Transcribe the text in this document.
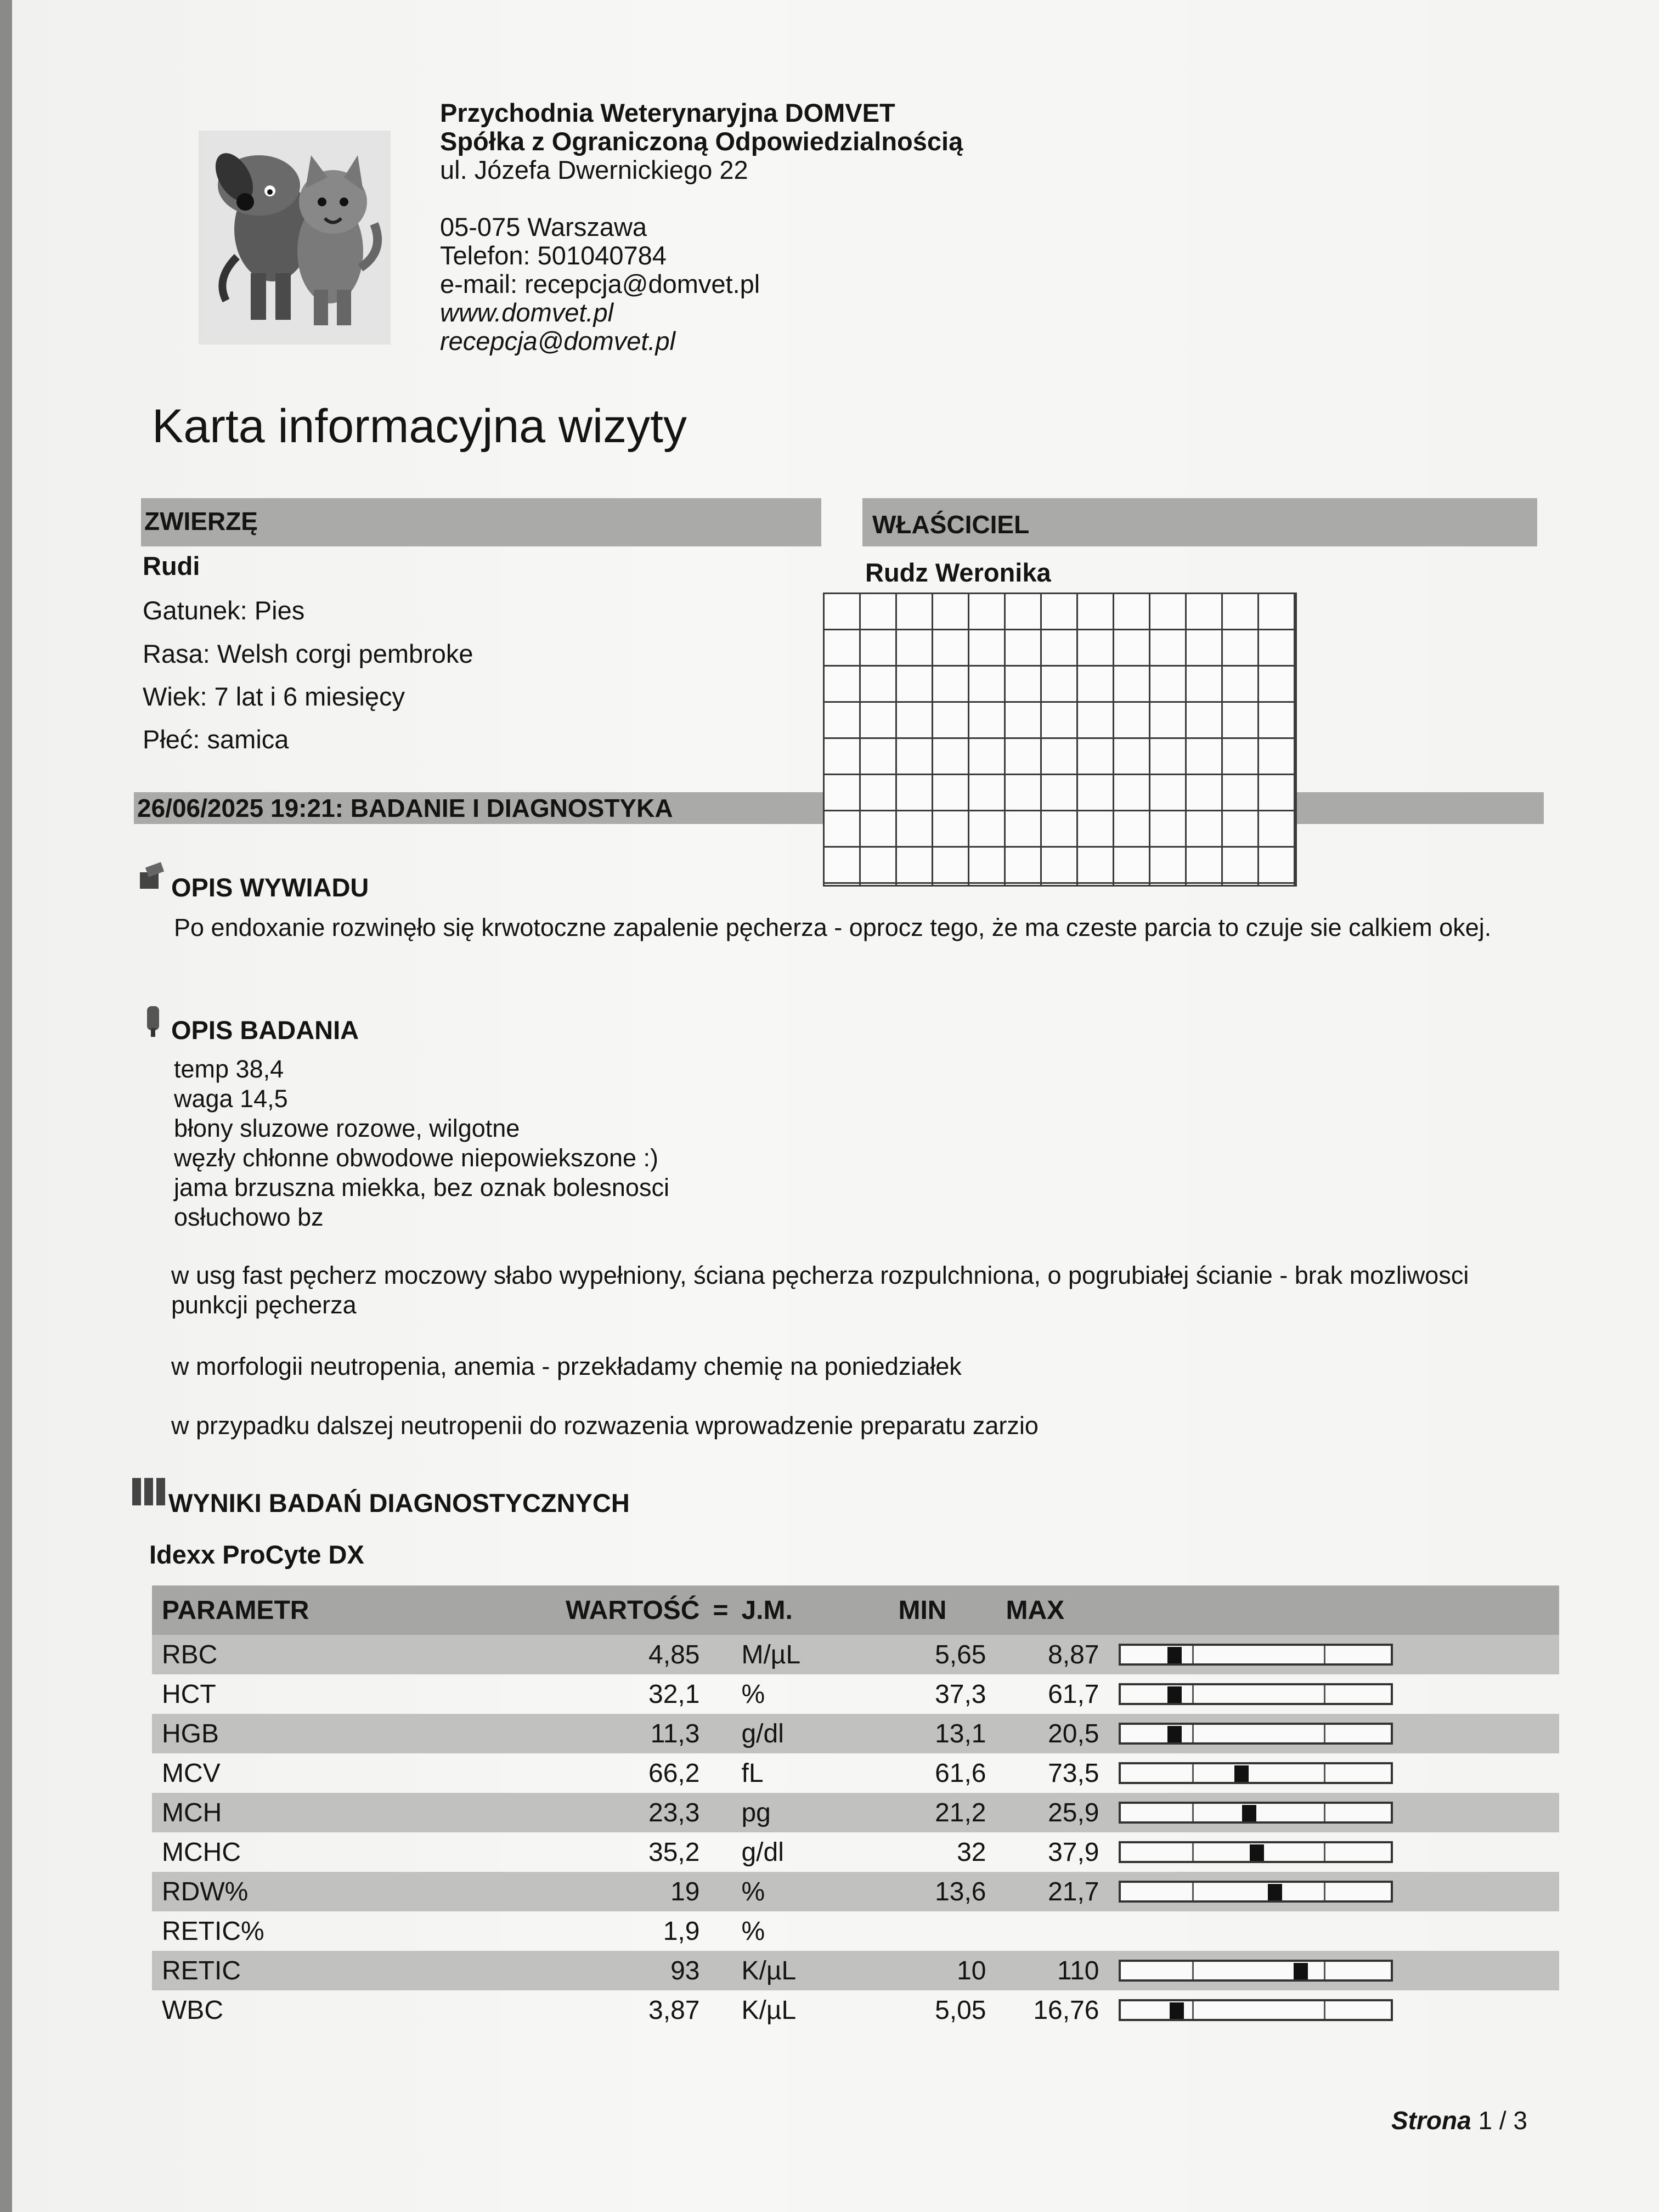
Przychodnia Weterynaryjna DOMVET
Spółka z Ograniczoną Odpowiedzialnością
ul. Józefa Dwernickiego 22
05-075 Warszawa
Telefon: 501040784
e-mail: recepcja@domvet.pl
www.domvet.pl
recepcja@domvet.pl
Karta informacyjna wizyty
ZWIERZĘ
Rudi
Gatunek: Pies
Rasa: Welsh corgi pembroke
Wiek: 7 lat i 6 miesięcy
Płeć: samica
WŁAŚCICIEL
Rudz Weronika
26/06/2025 19:21: BADANIE I DIAGNOSTYKA
OPIS WYWIADU
Po endoxanie rozwinęło się krwotoczne zapalenie pęcherza - oprocz tego, że ma czeste parcia to czuje sie calkiem okej.
OPIS BADANIA
temp 38,4
waga 14,5
błony sluzowe rozowe, wilgotne
węzły chłonne obwodowe niepowiekszone :)
jama brzuszna miekka, bez oznak bolesnosci
osłuchowo bz
w usg fast pęcherz moczowy słabo wypełniony, ściana pęcherza rozpulchniona, o pogrubiałej ścianie - brak mozliwosci punkcji pęcherza
w morfologii neutropenia, anemia - przekładamy chemię na poniedziałek
w przypadku dalszej neutropenii do rozwazenia wprowadzenie preparatu zarzio
WYNIKI BADAŃ DIAGNOSTYCZNYCH
Idexx ProCyte DX
PARAMETR	WARTOŚĆ	=	J.M.	MIN	MAX	
RBC	4,85		M/µL	5,65	8,87	

HCT	32,1		%	37,3	61,7	

HGB	11,3		g/dl	13,1	20,5	

MCV	66,2		fL	61,6	73,5	

MCH	23,3		pg	21,2	25,9	

MCHC	35,2		g/dl	32	37,9	

RDW%	19		%	13,6	21,7	

RETIC%	1,9		%			
RETIC	93		K/µL	10	110	

WBC	3,87		K/µL	5,05	16,76	
Strona 1 / 3
